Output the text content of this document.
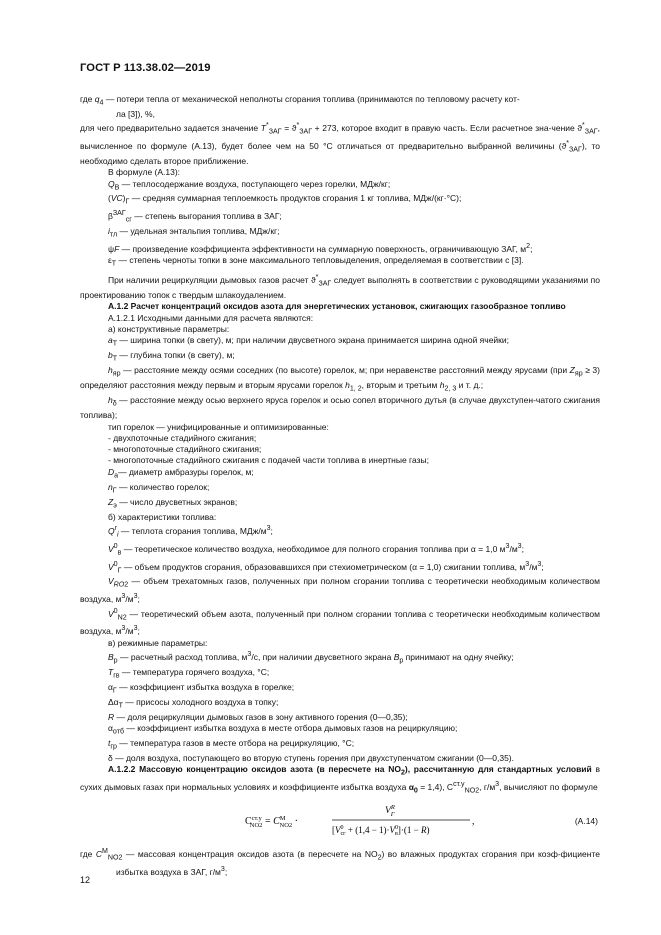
ГОСТ Р 113.38.02—2019

где $q_4$ — потери тепла от механической неполноты сгорания топлива (принимаются по тепловому расчету кот-
ла [3]), %,

для чего предварительно задается значение $T^*_{ЗАГ} = ϑ^*_{ЗАГ} + 273$, которое входит в правую часть. Если расчетное зна-чение $ϑ^*_{ЗАГ}$, вычисленное по формуле (А.13), будет более чем на 50 °С отличаться от предварительно выбранной величины $(ϑ^*_{ЗАГ})$, то необходимо сделать второе приближение.

В формуле (А.13):

$Q_В$ — теплосодержание воздуха, поступающего через горелки, МДж/кг;

$(VC)_Г$ — средняя суммарная теплоемкость продуктов сгорания 1 кг топлива, МДж/(кг·°С);

$\beta^{ЗАГ}_{сг}$ — степень выгорания топлива в ЗАГ;

$i_{тл}$ — удельная энтальпия топлива, МДж/кг;

ψF — произведение коэффициента эффективности на суммарную поверхность, ограничивающую ЗАГ, $м^2$;

$\varepsilon_Т$ — степень черноты топки в зоне максимального тепловыделения, определяемая в соответствии с [3].

При наличии рециркуляции дымовых газов расчет $ϑ^*_{ЗАГ}$ следует выполнять в соответствии с руководящими указаниями по проектированию топок с твердым шлакоудалением.

А.1.2 Расчет концентраций оксидов азота для энергетических установок, сжигающих газообразное топливо

А.1.2.1 Исходными данными для расчета являются:

а) конструктивные параметры:

$a_Т$ — ширина топки (в свету), м; при наличии двусветного экрана принимается ширина одной ячейки;

$b_Т$ — глубина топки (в свету), м;

$h_{яр}$ — расстояние между осями соседних (по высоте) горелок, м; при неравенстве расстояний между ярусами (при $Z_{яр} \ge 3$) определяют расстояния между первым и вторым ярусами горелок $h_{1, 2}$, вторым и третьим $h_{2, 3}$ и т. д.;

$h_\delta$ — расстояние между осью верхнего яруса горелок и осью сопел вторичного дутья (в случае двухступен-чатого сжигания топлива);

тип горелок — унифицированные и оптимизированные:

- двухпоточные стадийного сжигания;

- многопоточные стадийного сжигания;

- многопоточные стадийного сжигания с подачей части топлива в инертные газы;

$D_а—$ диаметр амбразуры горелок, м;

$n_Г$ — количество горелок;

$Z_э$ — число двусветных экранов;

б) характеристики топлива:

$Q^r_i$ — теплота сгорания топлива, МДж/$м^3$;

$V^0_в$ — теоретическое количество воздуха, необходимое для полного сгорания топлива при α = 1,0 $м^3/м^3$;

$V^0_Г$ — объем продуктов сгорания, образовавшихся при стехиометрическом (α = 1,0) сжигании топлива, $м^3/м^3$;

$V_{RO2}$ — объем трехатомных газов, полученных при полном сгорании топлива с теоретически необходимым количеством воздуха, $м^3/м^3$;

$V^0_{N2}$ — теоретический объем азота, полученный при полном сгорании топлива с теоретически необходимым количеством воздуха, $м^3/м^3$;

в) режимные параметры:

$B_р$ — расчетный расход топлива, $м^3/с$, при наличии двусветного экрана $B_р$ принимают на одну ячейку;

$T_{гв}$ — температура горячего воздуха, °С;

$\alpha_Г$ — коэффициент избытка воздуха в горелке;

$\Delta\alpha_Т$ — присосы холодного воздуха в топку;

R — доля рециркуляции дымовых газов в зону активного горения (0—0,35);

$\alpha_{отб}$ — коэффициент избытка воздуха в месте отбора дымовых газов на рециркуляцию;

$t_{гр}$ — температура газов в месте отбора на рециркуляцию, °С;

δ — доля воздуха, поступающего во вторую ступень горения при двухступенчатом сжигании (0—0,35).

А.1.2.2 Массовую концентрацию оксидов азота (в пересчете на $NO_2$), рассчитанную для стандартных условий в сухих дымовых газах при нормальных условиях и коэффициенте избытка воздуха $\alpha_0 = 1,4$), $C^{ст.у}_{NO2}$, $г/м^3$, вычисляют по формуле

$C^{ст.у}$ $NO2 = C^М$ NO2 ·
$V^R$ Г
[$V^0$ сг + $(1,4 - 1)\cdot V^0$ в]·(1 − R)
,	(А.14)

где $C^М_{NO2}$ — массовая концентрация оксидов азота (в пересчете на $NO_2$) во влажных продуктах сгорания при коэф-фициенте избытка воздуха в ЗАГ, $г/м^3$;

12
